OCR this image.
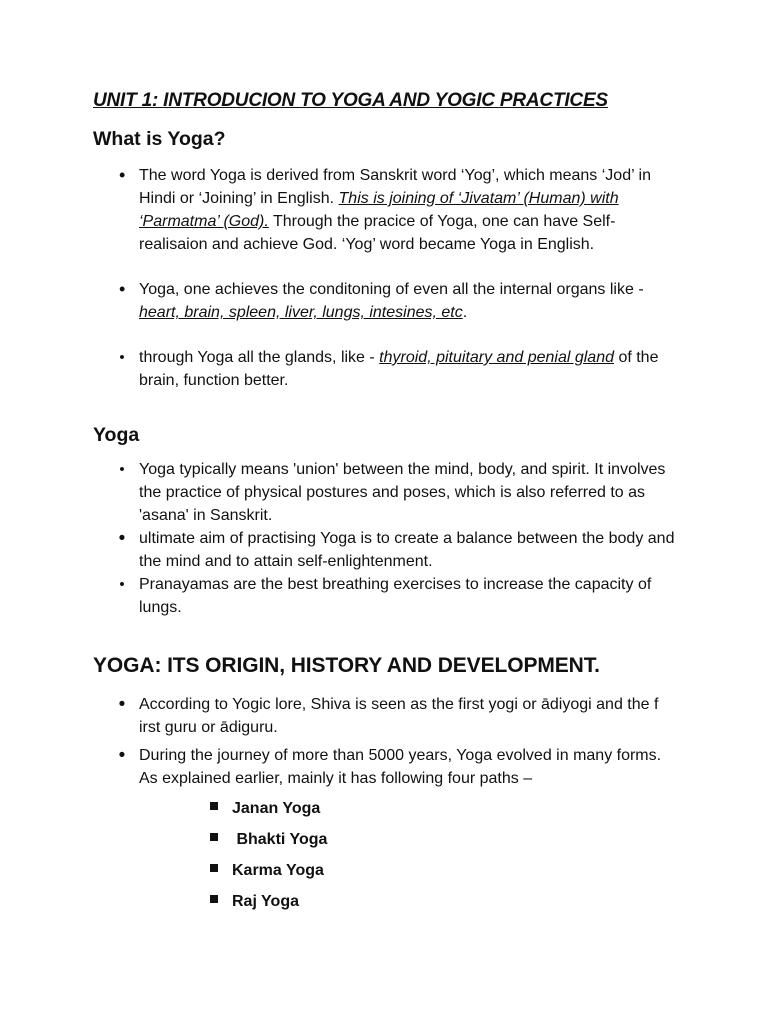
UNIT 1: INTRODUCION TO YOGA AND YOGIC PRACTICES
What is Yoga?
• The word Yoga is derived from Sanskrit word ‘Yog’, which means ‘Jod’ in Hindi or ‘Joining’ in English. This is joining of ‘Jivatam’ (Human) with ‘Parmatma’ (God). Through the pracice of Yoga, one can have Self-realisaion and achieve God. ‘Yog’ word became Yoga in English.
• Yoga, one achieves the conditoning of even all the internal organs like - heart, brain, spleen, liver, lungs, intesines, etc.
• through Yoga all the glands, like - thyroid, pituitary and penial gland of the brain, function better.
Yoga
• Yoga typically means 'union' between the mind, body, and spirit. It involves the practice of physical postures and poses, which is also referred to as 'asana' in Sanskrit.
• ultimate aim of practising Yoga is to create a balance between the body and the mind and to attain self-enlightenment.
• Pranayamas are the best breathing exercises to increase the capacity of lungs.
YOGA: ITS ORIGIN, HISTORY AND DEVELOPMENT.
• According to Yogic lore, Shiva is seen as the first yogi or ādiyogi and the f irst guru or ādiguru.
• During the journey of more than 5000 years, Yoga evolved in many forms. As explained earlier, mainly it has following four paths –
Janan Yoga
Bhakti Yoga
Karma Yoga
Raj Yoga
